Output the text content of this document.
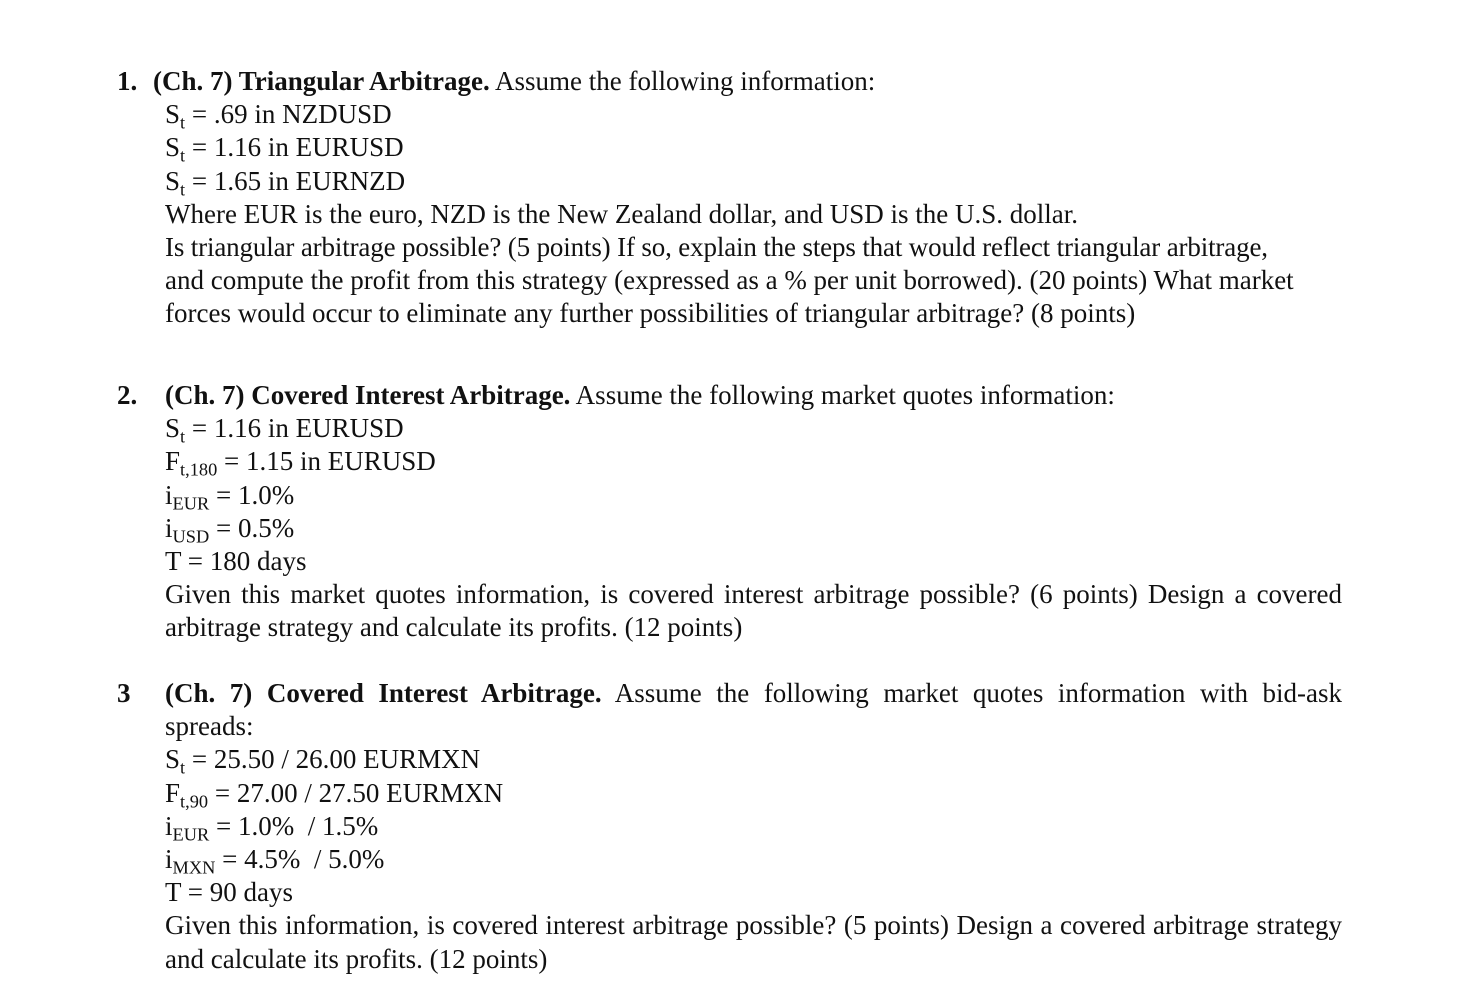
1. (Ch. 7) Triangular Arbitrage. Assume the following information:
$S_t = .69$ in NZDUSD
$S_t = 1.16$ in EURUSD
$S_t = 1.65$ in EURNZD
Where EUR is the euro, NZD is the New Zealand dollar, and USD is the U.S. dollar.
Is triangular arbitrage possible? (5 points) If so, explain the steps that would reflect triangular arbitrage,
and compute the profit from this strategy (expressed as a % per unit borrowed). (20 points) What market
forces would occur to eliminate any further possibilities of triangular arbitrage? (8 points)
2. (Ch. 7) Covered Interest Arbitrage. Assume the following market quotes information:
$S_t = 1.16$ in EURUSD
$F_{t,180} = 1.15$ in EURUSD
$i_{EUR} = 1.0\%$
$i_{USD} = 0.5\%$
T = 180 days
Given this market quotes information, is covered interest arbitrage possible? (6 points) Design a covered arbitrage strategy and calculate its profits. (12 points)
3 (Ch. 7) Covered Interest Arbitrage. Assume the following market quotes information with bid-ask spreads:
$S_t = 25.50 / 26.00$ EURMXN
$F_{t,90} = 27.00 / 27.50$ EURMXN
$i_{EUR} = 1.0\% / 1.5\%$
$i_{MXN} = 4.5\% / 5.0\%$
T = 90 days
Given this information, is covered interest arbitrage possible? (5 points) Design a covered arbitrage strategy and calculate its profits. (12 points)
